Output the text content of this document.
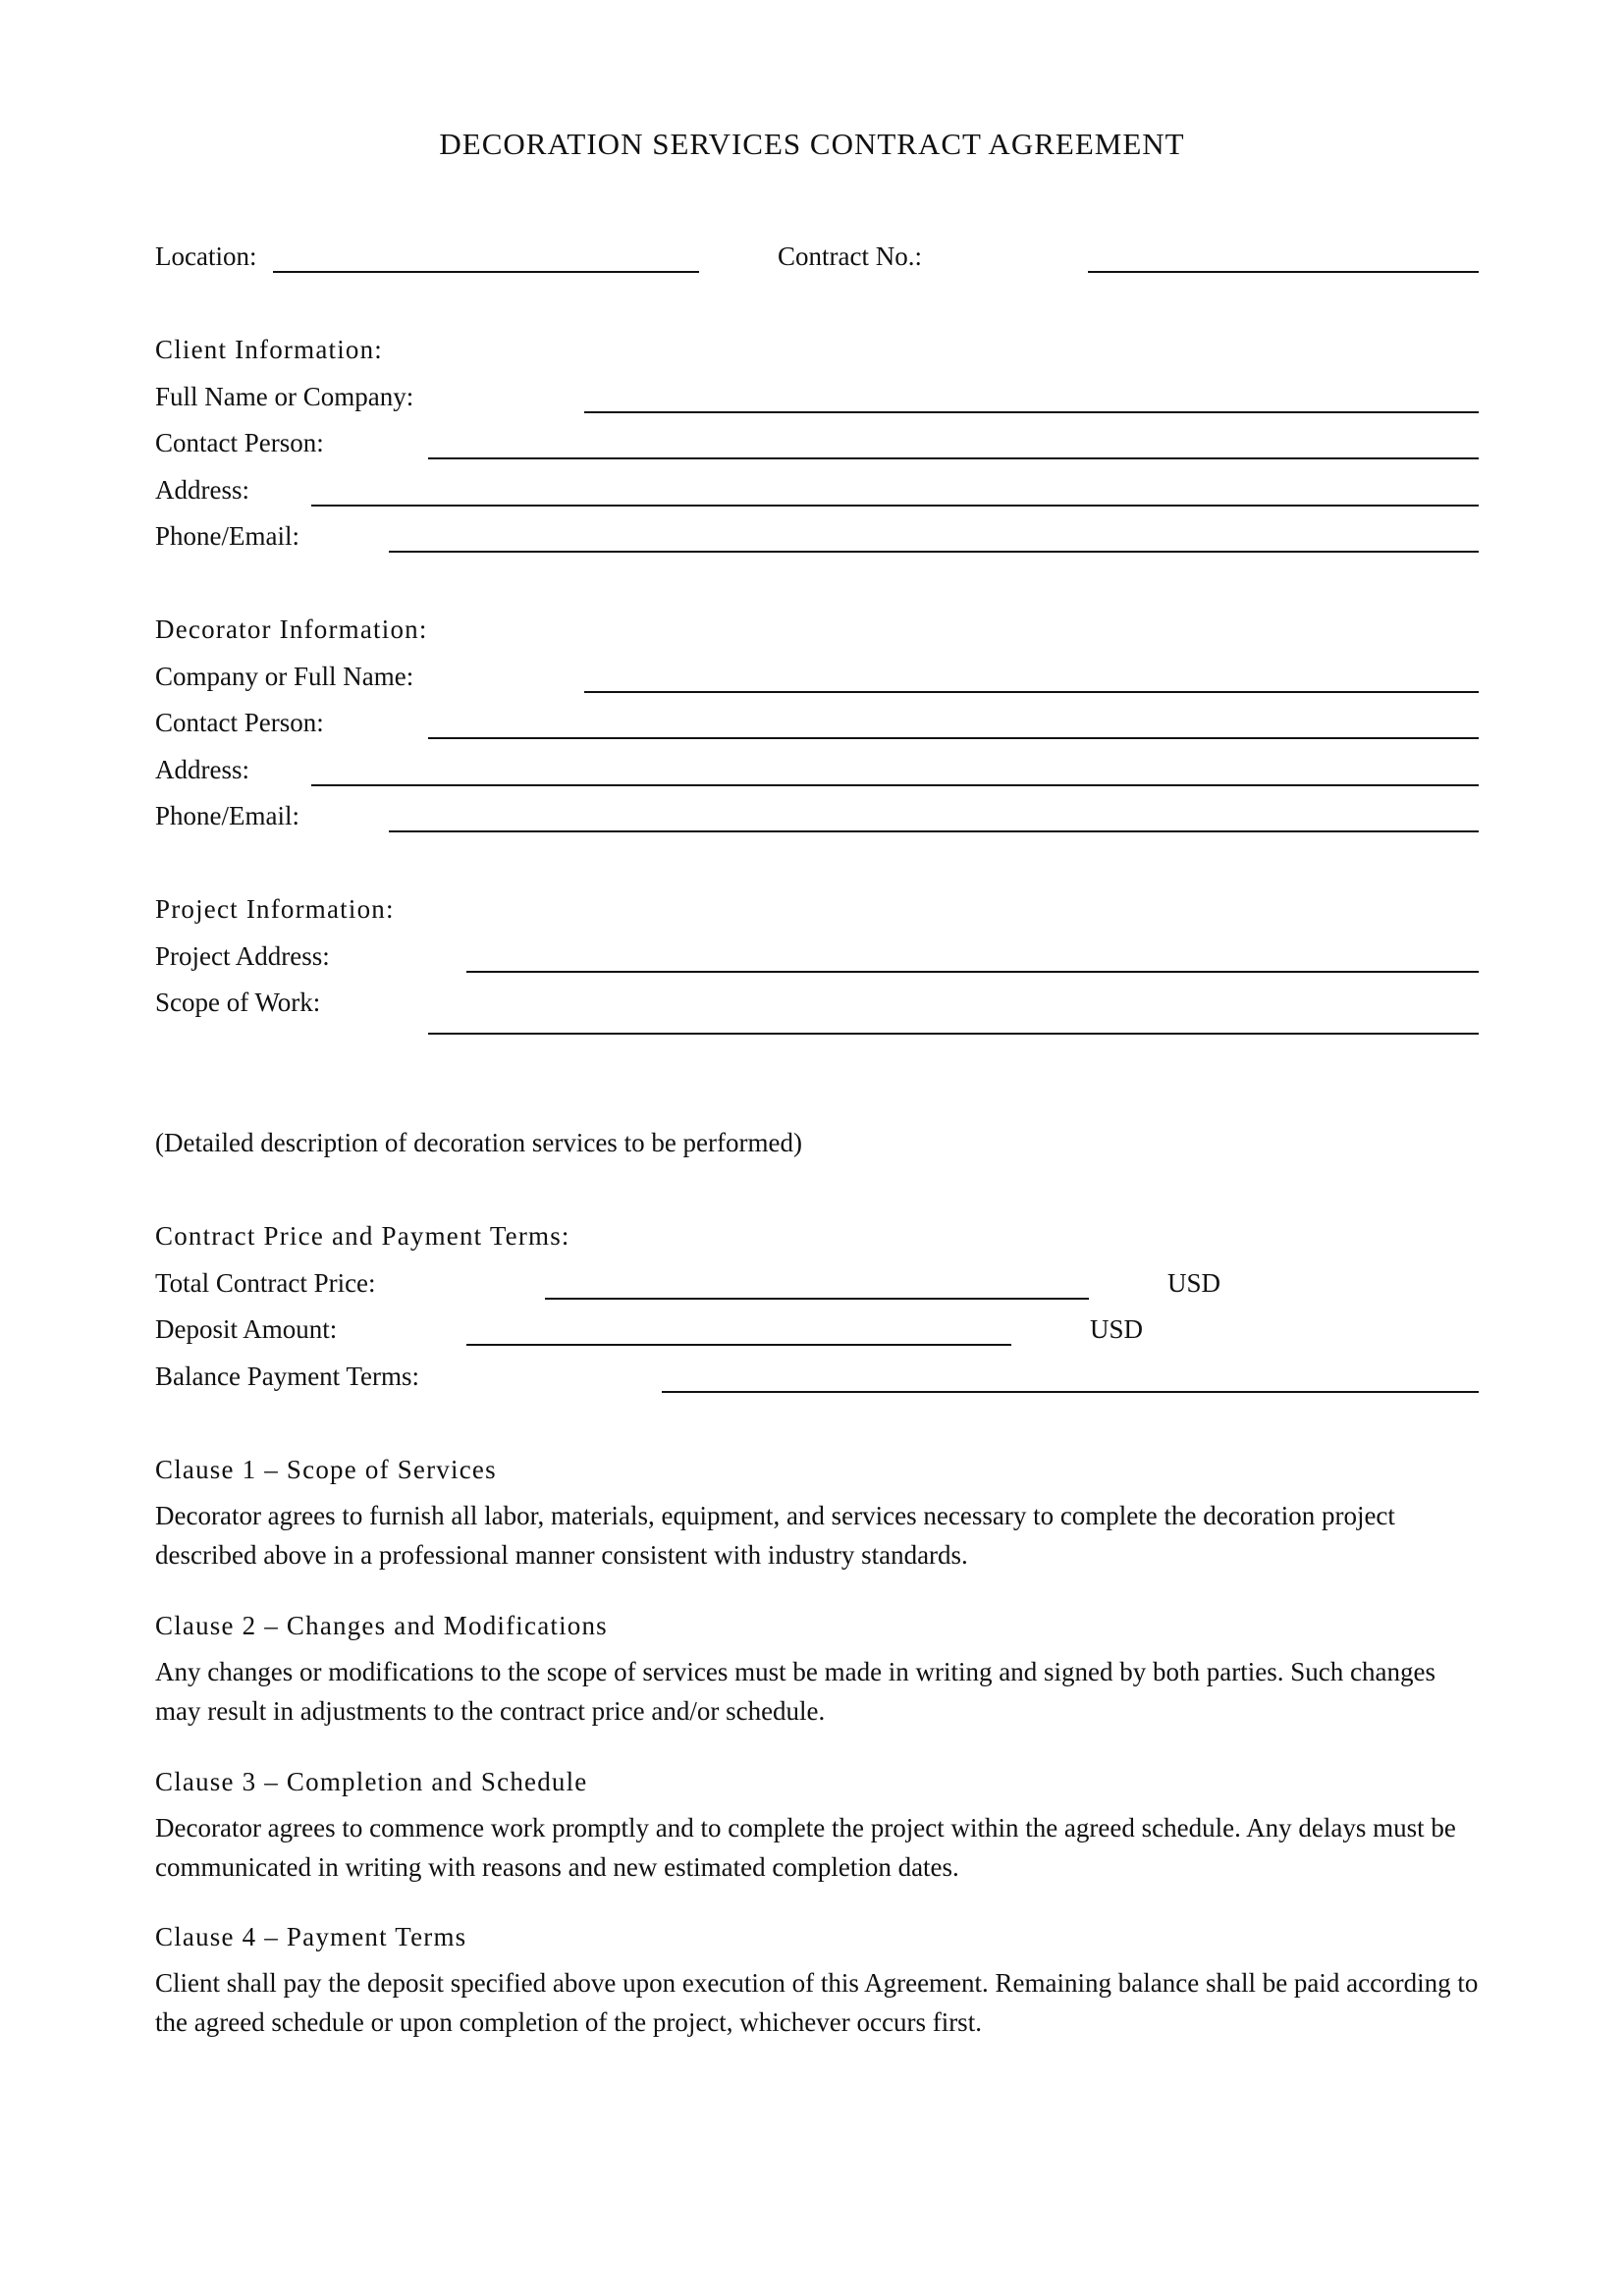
DECORATION SERVICES CONTRACT AGREEMENT
Location:	Contract No.:
Client Information:
Full Name or Company:
Contact Person:
Address:
Phone/Email:
Decorator Information:
Company or Full Name:
Contact Person:
Address:
Phone/Email:
Project Information:
Project Address:
Scope of Work:
(Detailed description of decoration services to be performed)
Contract Price and Payment Terms:
Total Contract Price:	USD
Deposit Amount:	USD
Balance Payment Terms:
Clause 1 – Scope of Services
Decorator agrees to furnish all labor, materials, equipment, and services necessary to complete the decoration project described above in a professional manner consistent with industry standards.
Clause 2 – Changes and Modifications
Any changes or modifications to the scope of services must be made in writing and signed by both parties. Such changes may result in adjustments to the contract price and/or schedule.
Clause 3 – Completion and Schedule
Decorator agrees to commence work promptly and to complete the project within the agreed schedule. Any delays must be communicated in writing with reasons and new estimated completion dates.
Clause 4 – Payment Terms
Client shall pay the deposit specified above upon execution of this Agreement. Remaining balance shall be paid according to the agreed schedule or upon completion of the project, whichever occurs first.
